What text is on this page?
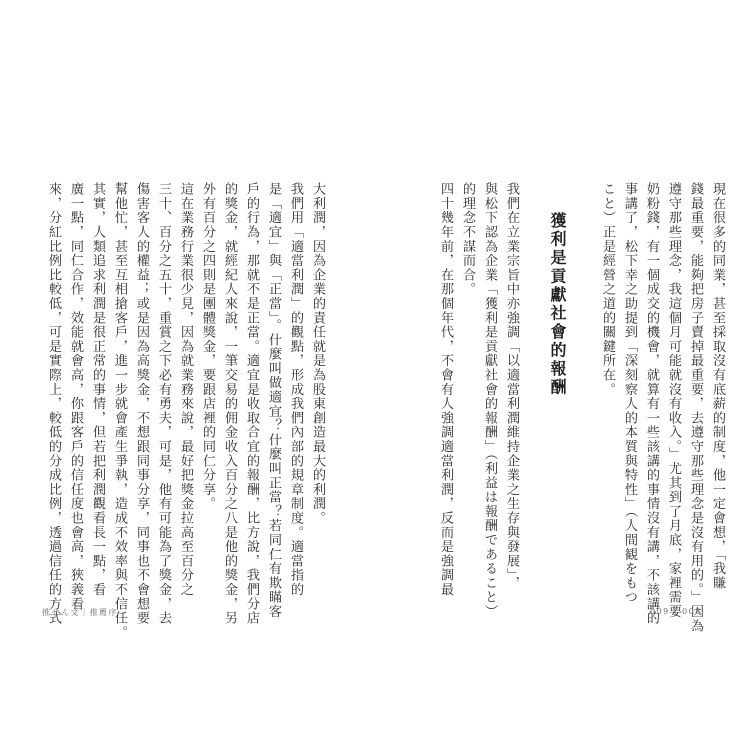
現在很多的同業，甚至採取沒有底薪的制度，他一定會想，「我賺
錢最重要，能夠把房子賣掉最重要，去遵守那些理念是沒有用的。」因為
遵守那些理念，我這個月可能就沒有收入。」尤其到了月底，家裡需要
奶粉錢，有一個成交的機會，就算有一些該講的事情沒有講，不該講的
事講了，松下幸之助提到「深刻察人的本質與特性」（人間観をもつ
こと）正是經營之道的關鍵所在。
獲利是貢獻社會的報酬
我們在立業宗旨中亦強調「以適當利潤維持企業之生存與發展」，
與松下認為企業「獲利是貢獻社會的報酬」（利益は報酬であること）
的理念不謀而合。
四十幾年前，在那個年代，不會有人強調適當利潤，反而是強調最
009 | 008
大利潤，因為企業的責任就是為股東創造最大的利潤。
我們用「適當利潤」的觀點，形成我們內部的規章制度。適當指的
是「適宜」與「正當」。什麼叫做適宜？什麼叫正當？若同仁有欺瞞客
戶的行為，那就不是正當。適宜是收取合宜的報酬，比方說，我們分店
的獎金，就經紀人來說，一筆交易的佣金收入百分之八是他的獎金，另
外有百分之四則是團體獎金，要跟店裡的同仁分享。
這在業務行業很少見，因為就業務來說，最好把獎金拉高至百分之
三十、百分之五十，重賞之下必有勇夫，可是，他有可能為了獎金，去
傷害客人的權益；或是因為高獎金，不想跟同事分享，同事也不會想要
幫他忙，甚至互相搶客戶，進一步就會產生爭執，造成不效率與不信任。
其實，人類追求利潤是很正常的事情，但若把利潤觀看長一點，看
廣一點，同仁合作，效能就會高，你跟客戶的信任度也會高，狹義看
來，分紅比例比較低，可是實際上，較低的分成比例，透過信任的方式
推せん文｜推薦序
